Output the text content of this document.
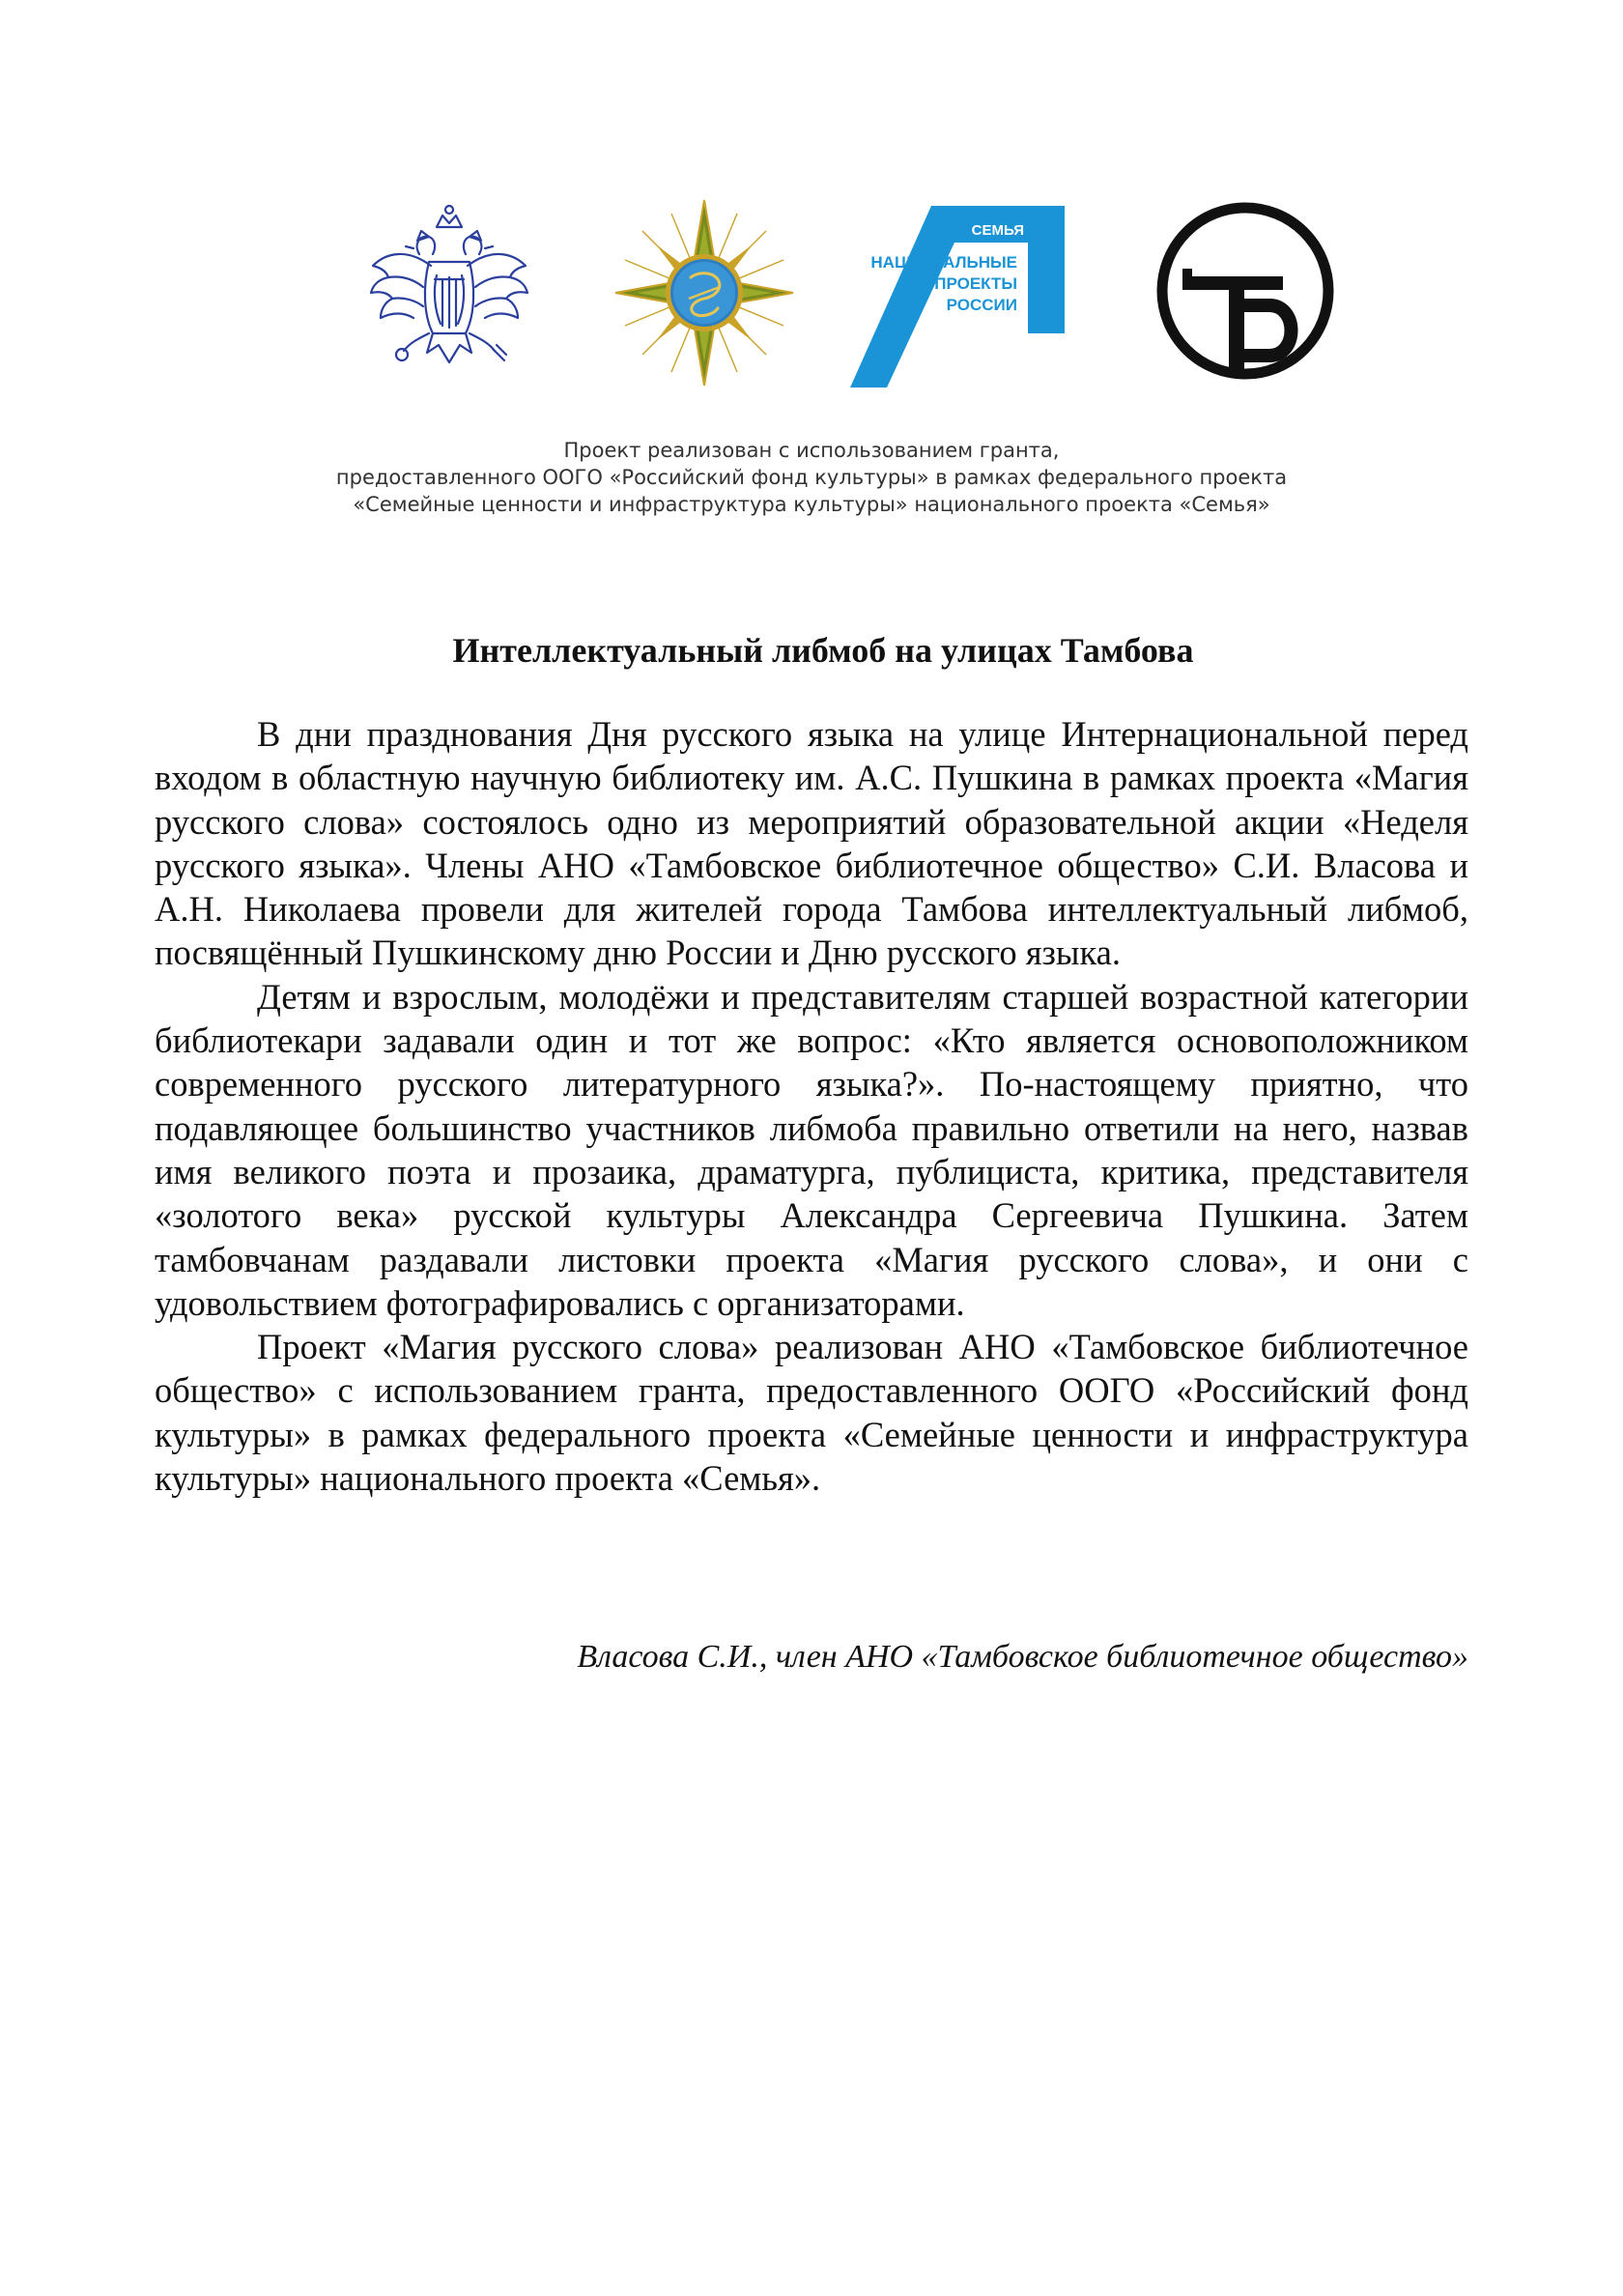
СЕМЬЯ
НАЦИОНАЛЬНЫЕ
ПРОЕКТЫ
РОССИИ
Проект реализован с использованием гранта,
предоставленного ООГО «Российский фонд культуры» в рамках федерального проекта
«Семейные ценности и инфраструктура культуры» национального проекта «Семья»
Интеллектуальный либмоб на улицах Тамбова

В дни празднования Дня русского языка на улице Интернациональной перед входом в областную научную библиотеку им. А.С. Пушкина в рамках проекта «Магия русского слова» состоялось одно из мероприятий образовательной акции «Неделя русского языка». Члены АНО «Тамбовское библиотечное общество» С.И. Власова и А.Н. Николаева провели для жителей города Тамбова интеллектуальный либмоб, посвящённый Пушкинскому дню России и Дню русского языка.

Детям и взрослым, молодёжи и представителям старшей возрастной категории библиотекари задавали один и тот же вопрос: «Кто является основоположником современного русского литературного языка?». По-настоящему приятно, что подавляющее большинство участников либмоба правильно ответили на него, назвав имя великого поэта и прозаика, драматурга, публициста, критика, представителя «золотого века» русской культуры Александра Сергеевича Пушкина. Затем тамбовчанам раздавали листовки проекта «Магия русского слова», и они с удовольствием фотографировались с организаторами.

Проект «Магия русского слова» реализован АНО «Тамбовское библиотечное общество» с использованием гранта, предоставленного ООГО «Российский фонд культуры» в рамках федерального проекта «Семейные ценности и инфраструктура культуры» национального проекта «Семья».

Власова С.И., член АНО «Тамбовское библиотечное общество»
